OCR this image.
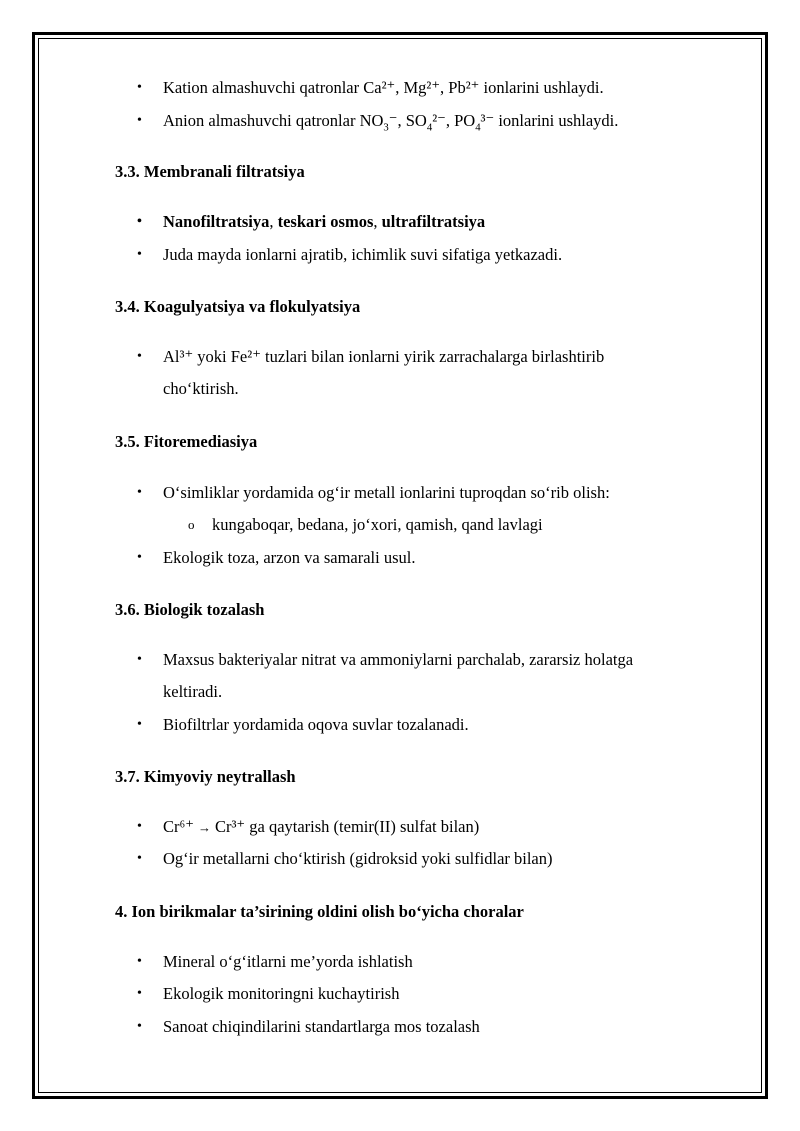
• Kation almashuvchi qatronlar Ca²⁺, Mg²⁺, Pb²⁺ ionlarini ushlaydi.
• Anion almashuvchi qatronlar $NO_3^-$, $SO_4^{2-}$, $PO_4^{3-}$ ionlarini ushlaydi.
3.3. Membranali filtratsiya
• Nanofiltratsiya, teskari osmos, ultrafiltratsiya
• Juda mayda ionlarni ajratib, ichimlik suvi sifatiga yetkazadi.
3.4. Koagulyatsiya va flokulyatsiya
• Al³⁺ yoki Fe²⁺ tuzlari bilan ionlarni yirik zarrachalarga birlashtirib
cho‘ktirish.
3.5. Fitoremediasiya
• O‘simliklar yordamida og‘ir metall ionlarini tuproqdan so‘rib olish:
o kungaboqar, bedana, jo‘xori, qamish, qand lavlagi
• Ekologik toza, arzon va samarali usul.
3.6. Biologik tozalash
• Maxsus bakteriyalar nitrat va ammoniylarni parchalab, zararsiz holatga
keltiradi.
• Biofiltrlar yordamida oqova suvlar tozalanadi.
3.7. Kimyoviy neytrallash
• Cr⁶⁺ → Cr³⁺ ga qaytarish (temir(II) sulfat bilan)
• Og‘ir metallarni cho‘ktirish (gidroksid yoki sulfidlar bilan)
4. Ion birikmalar ta’sirining oldini olish bo‘yicha choralar
• Mineral o‘g‘itlarni me’yorda ishlatish
• Ekologik monitoringni kuchaytirish
• Sanoat chiqindilarini standartlarga mos tozalash
